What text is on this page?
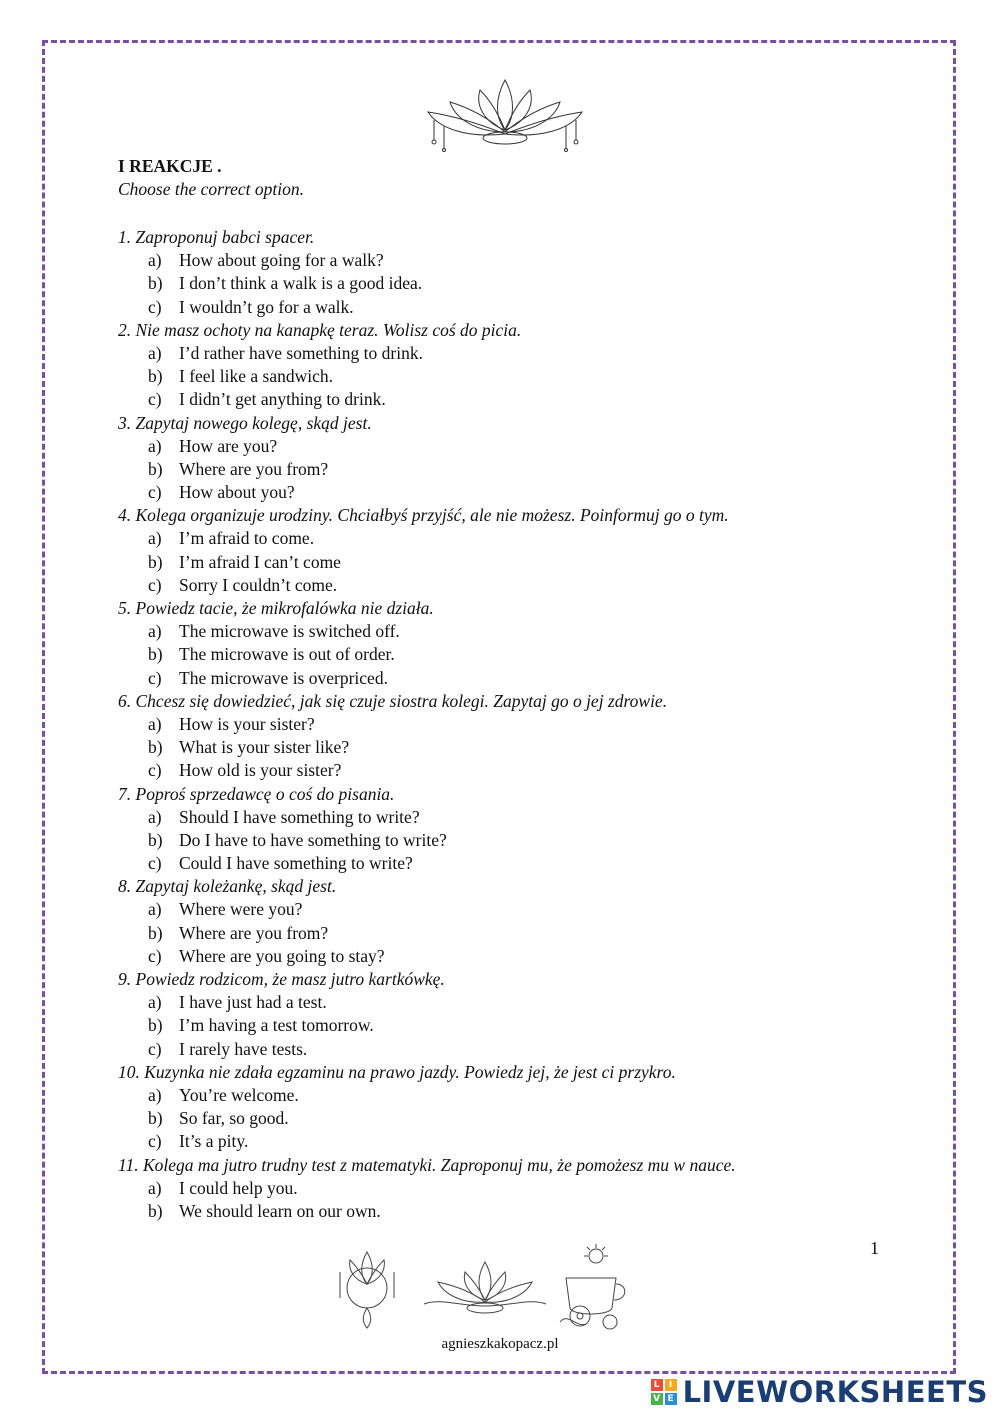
I REAKCJE .
Choose the correct option.
1. Zaproponuj babci spacer.
a) How about going for a walk?
b) I don’t think a walk is a good idea.
c) I wouldn’t go for a walk.
2. Nie masz ochoty na kanapkę teraz. Wolisz coś do picia.
a) I’d rather have something to drink.
b) I feel like a sandwich.
c) I didn’t get anything to drink.
3. Zapytaj nowego kolegę, skąd jest.
a) How are you?
b) Where are you from?
c) How about you?
4. Kolega organizuje urodziny. Chciałbyś przyjść, ale nie możesz. Poinformuj go o tym.
a) I’m afraid to come.
b) I’m afraid I can’t come
c) Sorry I couldn’t come.
5. Powiedz tacie, że mikrofalówka nie działa.
a) The microwave is switched off.
b) The microwave is out of order.
c) The microwave is overpriced.
6. Chcesz się dowiedzieć, jak się czuje siostra kolegi. Zapytaj go o jej zdrowie.
a) How is your sister?
b) What is your sister like?
c) How old is your sister?
7. Poproś sprzedawcę o coś do pisania.
a) Should I have something to write?
b) Do I have to have something to write?
c) Could I have something to write?
8. Zapytaj koleżankę, skąd jest.
a) Where were you?
b) Where are you from?
c) Where are you going to stay?
9. Powiedz rodzicom, że masz jutro kartkówkę.
a) I have just had a test.
b) I’m having a test tomorrow.
c) I rarely have tests.
10. Kuzynka nie zdała egzaminu na prawo jazdy. Powiedz jej, że jest ci przykro.
a) You’re welcome.
b) So far, so good.
c) It’s a pity.
11. Kolega ma jutro trudny test z matematyki. Zaproponuj mu, że pomożesz mu w nauce.
a) I could help you.
b) We should learn on our own.
1
agnieszkakopacz.pl
L	I
V E LIVEWORKSHEETS
